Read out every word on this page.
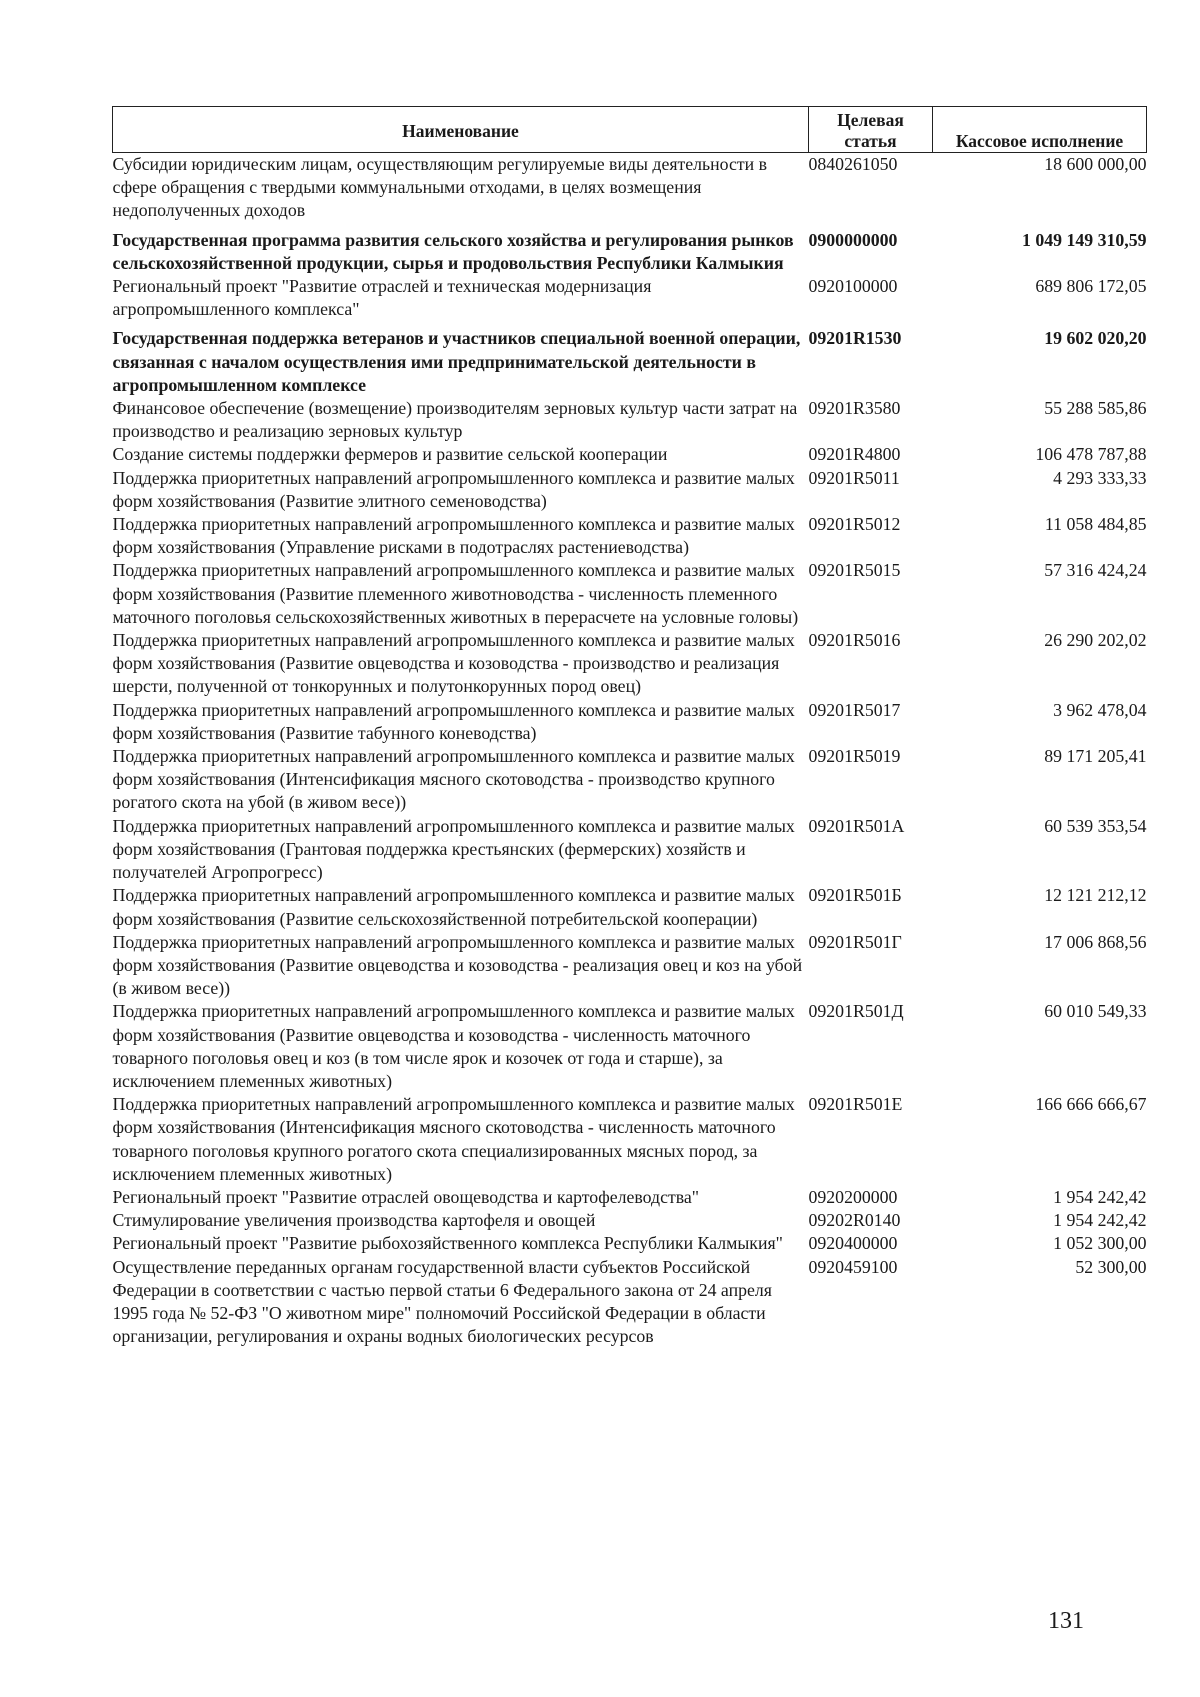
Наименование	Целевая статья	Кассовое исполнение
Субсидии юридическим лицам, осуществляющим регулируемые виды деятельности в сфере обращения с твердыми коммунальными отходами, в целях возмещения недополученных доходов	0840261050	18 600 000,00
Государственная программа развития сельского хозяйства и регулирования рынков сельскохозяйственной продукции, сырья и продовольствия Республики Калмыкия	0900000000	1 049 149 310,59
Региональный проект "Развитие отраслей и техническая модернизация агропромышленного комплекса"	0920100000	689 806 172,05
Государственная поддержка ветеранов и участников специальной военной операции, связанная с началом осуществления ими предпринимательской деятельности в агропромышленном комплексе	09201R1530	19 602 020,20
Финансовое обеспечение (возмещение) производителям зерновых культур части затрат на производство и реализацию зерновых культур	09201R3580	55 288 585,86
Создание системы поддержки фермеров и развитие сельской кооперации	09201R4800	106 478 787,88
Поддержка приоритетных направлений агропромышленного комплекса и развитие малых форм хозяйствования (Развитие элитного семеноводства)	09201R5011	4 293 333,33
Поддержка приоритетных направлений агропромышленного комплекса и развитие малых форм хозяйствования (Управление рисками в подотраслях растениеводства)	09201R5012	11 058 484,85
Поддержка приоритетных направлений агропромышленного комплекса и развитие малых форм хозяйствования (Развитие племенного животноводства - численность племенного маточного поголовья сельскохозяйственных животных в перерасчете на условные головы)	09201R5015	57 316 424,24
Поддержка приоритетных направлений агропромышленного комплекса и развитие малых форм хозяйствования (Развитие овцеводства и козоводства - производство и реализация шерсти, полученной от тонкорунных и полутонкорунных пород овец)	09201R5016	26 290 202,02
Поддержка приоритетных направлений агропромышленного комплекса и развитие малых форм хозяйствования (Развитие табунного коневодства)	09201R5017	3 962 478,04
Поддержка приоритетных направлений агропромышленного комплекса и развитие малых форм хозяйствования (Интенсификация мясного скотоводства - производство крупного рогатого скота на убой (в живом весе))	09201R5019	89 171 205,41
Поддержка приоритетных направлений агропромышленного комплекса и развитие малых форм хозяйствования (Грантовая поддержка крестьянских (фермерских) хозяйств и получателей Агропрогресс)	09201R501A	60 539 353,54
Поддержка приоритетных направлений агропромышленного комплекса и развитие малых форм хозяйствования (Развитие сельскохозяйственной потребительской кооперации)	09201R501Б	12 121 212,12
Поддержка приоритетных направлений агропромышленного комплекса и развитие малых форм хозяйствования (Развитие овцеводства и козоводства - реализация овец и коз на убой (в живом весе))	09201R501Г	17 006 868,56
Поддержка приоритетных направлений агропромышленного комплекса и развитие малых форм хозяйствования (Развитие овцеводства и козоводства - численность маточного товарного поголовья овец и коз (в том числе ярок и козочек от года и старше), за исключением племенных животных)	09201R501Д	60 010 549,33
Поддержка приоритетных направлений агропромышленного комплекса и развитие малых форм хозяйствования (Интенсификация мясного скотоводства - численность маточного товарного поголовья крупного рогатого скота специализированных мясных пород, за исключением племенных животных)	09201R501E	166 666 666,67
Региональный проект "Развитие отраслей овощеводства и картофелеводства"	0920200000	1 954 242,42
Стимулирование увеличения производства картофеля и овощей	09202R0140	1 954 242,42
Региональный проект "Развитие рыбохозяйственного комплекса Республики Калмыкия"	0920400000	1 052 300,00
Осуществление переданных органам государственной власти субъектов Российской Федерации в соответствии с частью первой статьи 6 Федерального закона от 24 апреля 1995 года № 52-ФЗ "О животном мире" полномочий Российской Федерации в области организации, регулирования и охраны водных биологических ресурсов	0920459100	52 300,00
131
